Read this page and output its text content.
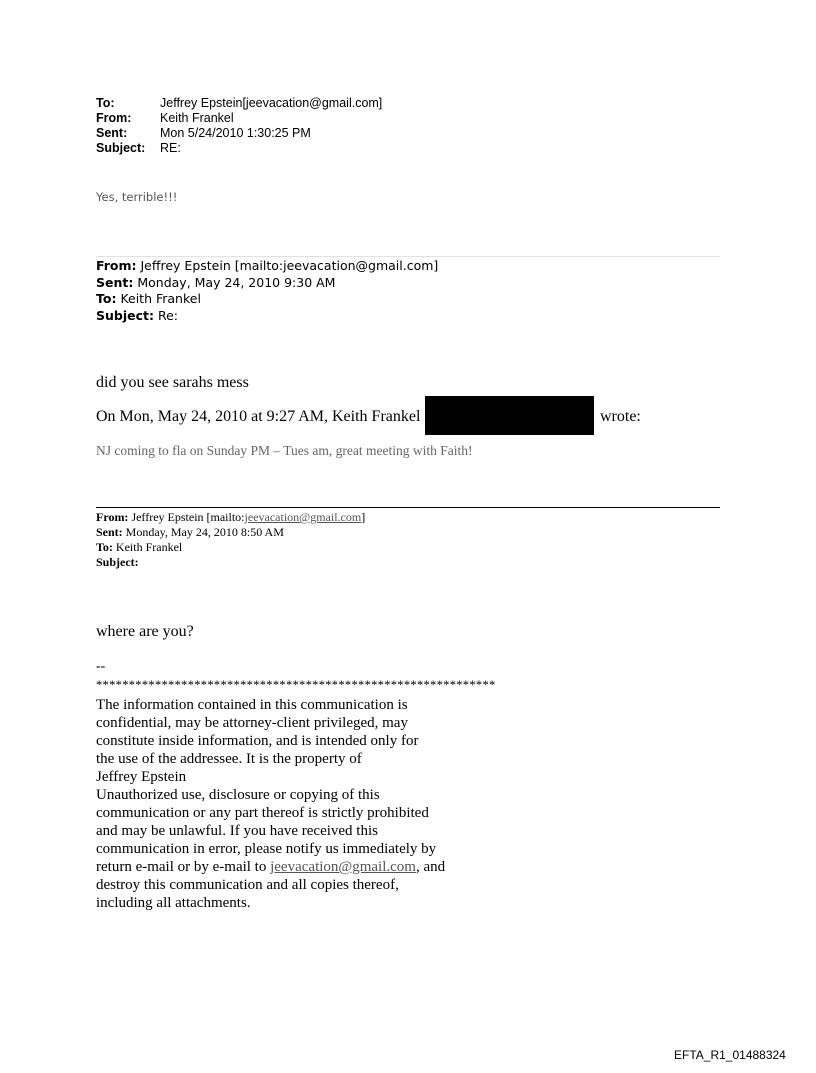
To:	Jeffrey Epstein[jeevacation@gmail.com]
From: Keith Frankel
Sent:	Mon 5/24/2010 1:30:25 PM
Subject: RE:
Yes, terrible!!!
From: Jeffrey Epstein [mailto:jeevacation@gmail.com]
Sent: Monday, May 24, 2010 9:30 AM
To: Keith Frankel
Subject: Re:
did you see sarahs mess
On Mon, May 24, 2010 at 9:27 AM, Keith Frankel	wrote:
NJ coming to fla on Sunday PM – Tues am, great meeting with Faith!
From: Jeffrey Epstein [mailto:jeevacation@gmail.com]
Sent: Monday, May 24, 2010 8:50 AM
To: Keith Frankel
Subject:
where are you?
--
*************************************************************
The information contained in this communication is
confidential, may be attorney-client privileged, may
constitute inside information, and is intended only for
the use of the addressee. It is the property of
Jeffrey Epstein
Unauthorized use, disclosure or copying of this
communication or any part thereof is strictly prohibited
and may be unlawful. If you have received this
communication in error, please notify us immediately by
return e-mail or by e-mail to jeevacation@gmail.com, and
destroy this communication and all copies thereof,
including all attachments.
EFTA_R1_01488324
